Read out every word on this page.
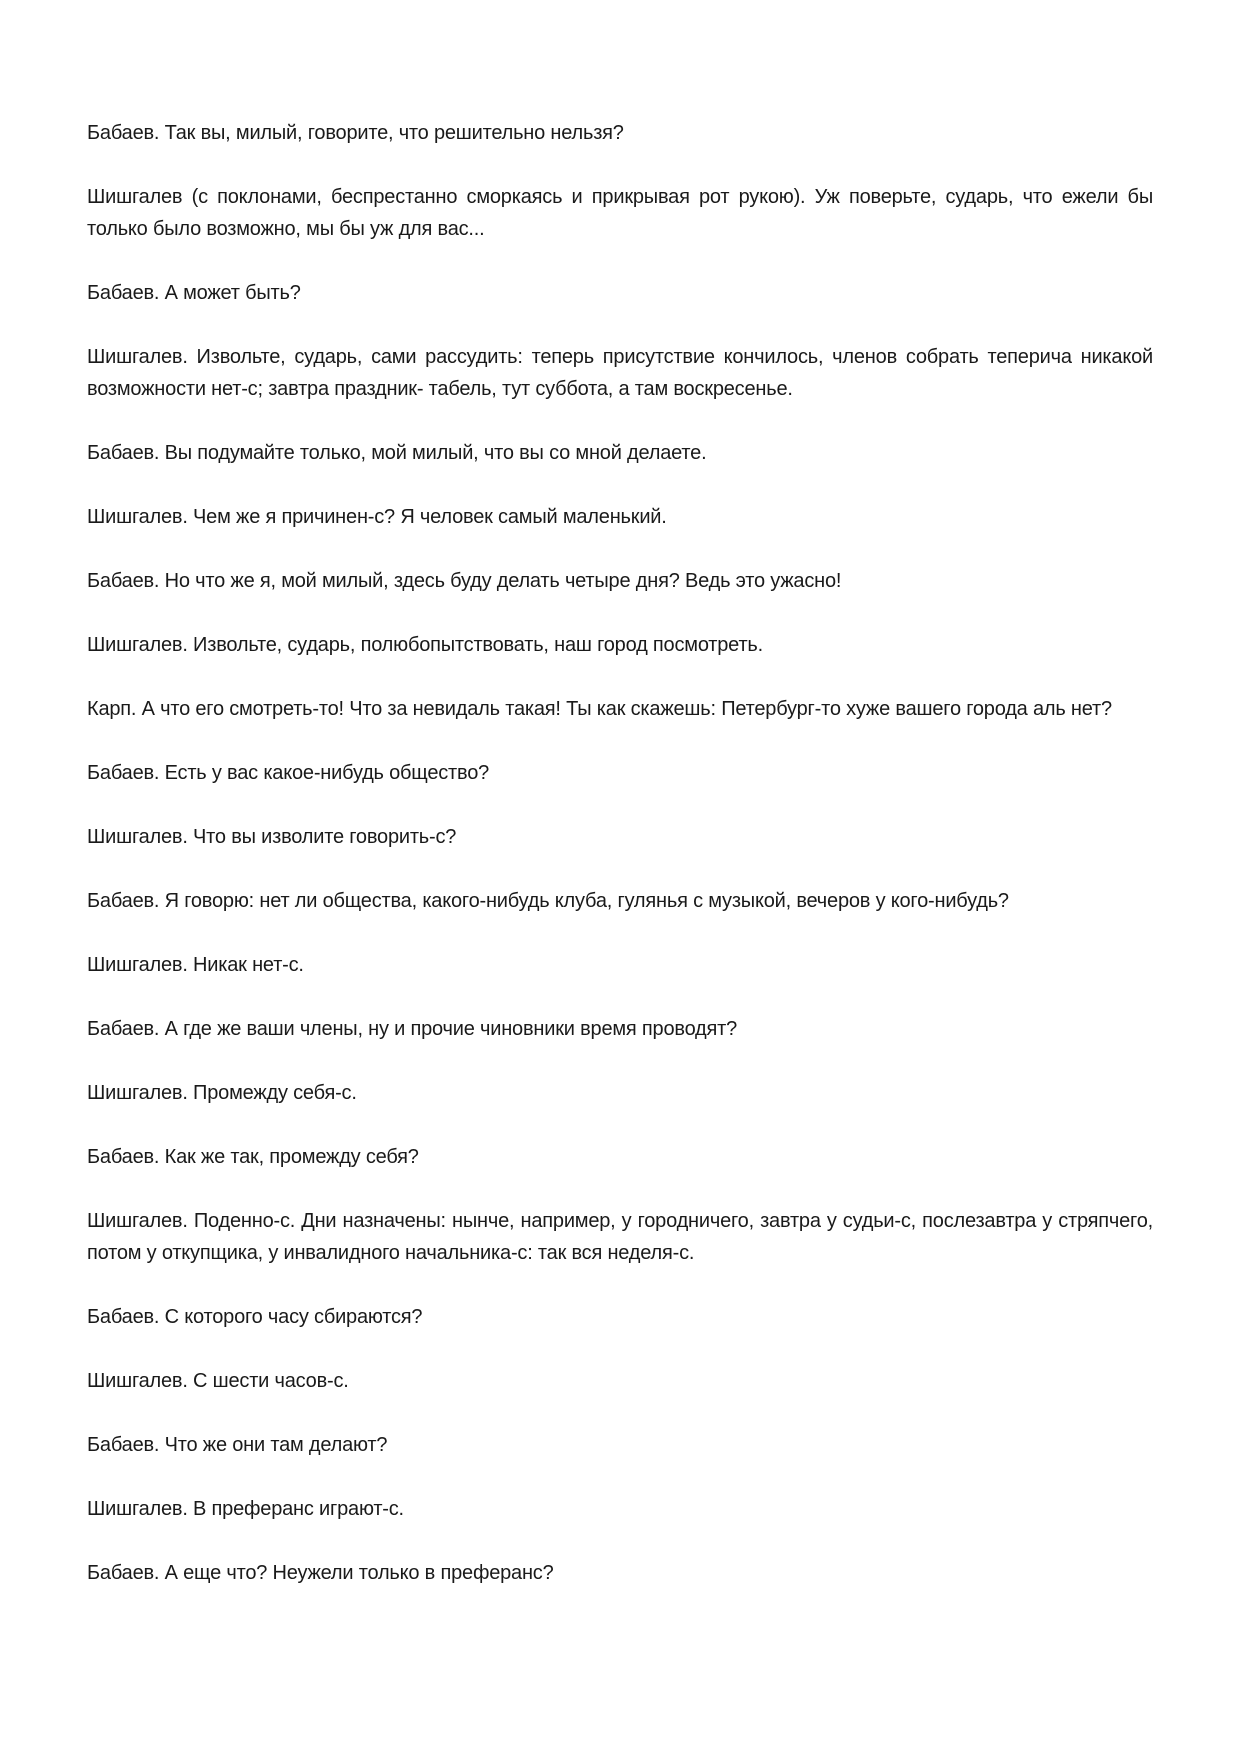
Бабаев. Так вы, милый, говорите, что решительно нельзя?

Шишгалев (с поклонами, беспрестанно сморкаясь и прикрывая рот рукою). Уж поверьте, сударь, что ежели бы только было возможно, мы бы уж для вас...

Бабаев. А может быть?

Шишгалев. Извольте, сударь, сами рассудить: теперь присутствие кончилось, членов собрать теперича никакой возможности нет-с; завтра праздник- табель, тут суббота, а там воскресенье.

Бабаев. Вы подумайте только, мой милый, что вы со мной делаете.

Шишгалев. Чем же я причинен-с? Я человек самый маленький.

Бабаев. Но что же я, мой милый, здесь буду делать четыре дня? Ведь это ужасно!

Шишгалев. Извольте, сударь, полюбопытствовать, наш город посмотреть.

Карп. А что его смотреть-то! Что за невидаль такая! Ты как скажешь: Петербург-то хуже вашего города аль нет?

Бабаев. Есть у вас какое-нибудь общество?

Шишгалев. Что вы изволите говорить-с?

Бабаев. Я говорю: нет ли общества, какого-нибудь клуба, гулянья с музыкой, вечеров у кого-нибудь?

Шишгалев. Никак нет-с.

Бабаев. А где же ваши члены, ну и прочие чиновники время проводят?

Шишгалев. Промежду себя-с.

Бабаев. Как же так, промежду себя?

Шишгалев. Поденно-с. Дни назначены: нынче, например, у городничего, завтра у судьи-с, послезавтра у стряпчего, потом у откупщика, у инвалидного начальника-с: так вся неделя-с.

Бабаев. С которого часу сбираются?

Шишгалев. С шести часов-с.

Бабаев. Что же они там делают?

Шишгалев. В преферанс играют-с.

Бабаев. А еще что? Неужели только в преферанс?
